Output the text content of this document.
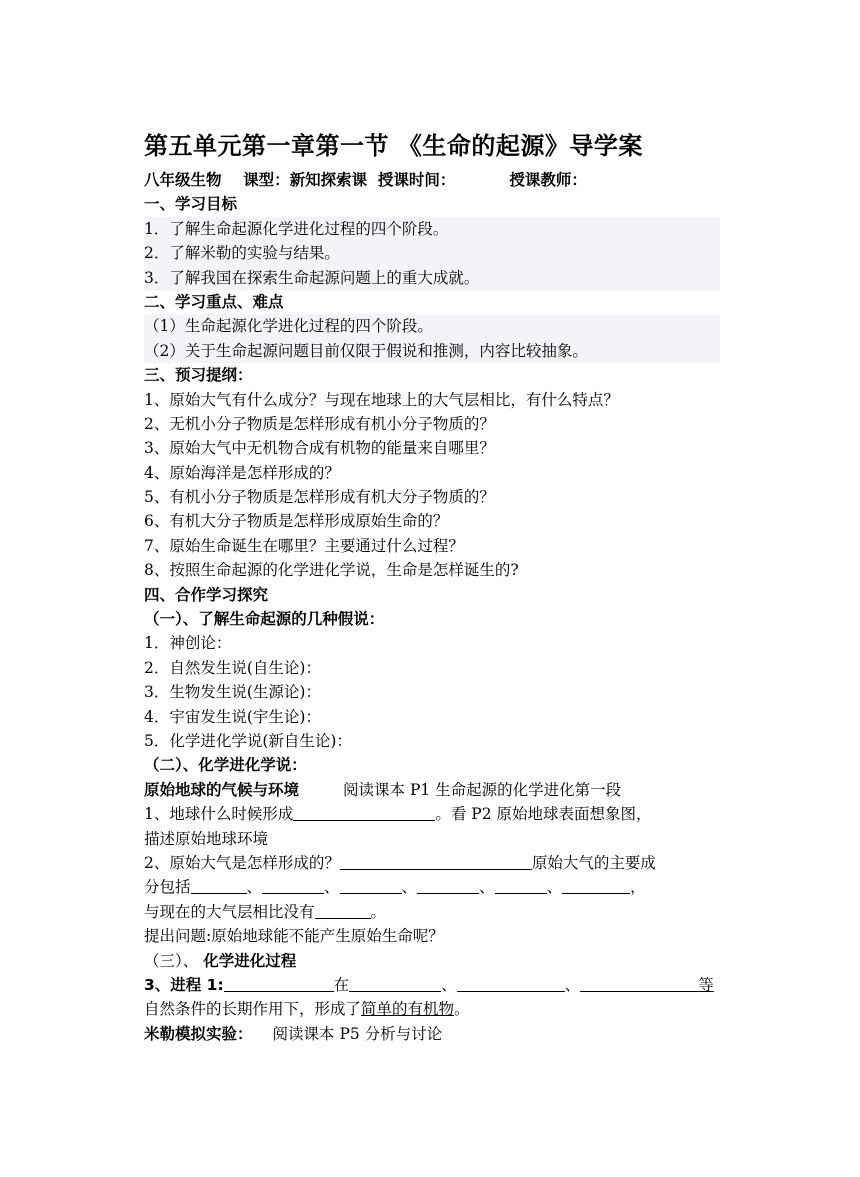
第五单元第一章第一节 《生命的起源》导学案
八年级生物    课型：新知探索课  授课时间：          授课教师：
一、学习目标
1．了解生命起源化学进化过程的四个阶段。
2．了解米勒的实验与结果。
3．了解我国在探索生命起源问题上的重大成就。
二、学习重点、难点
（1）生命起源化学进化过程的四个阶段。
（2）关于生命起源问题目前仅限于假说和推测，内容比较抽象。
三、预习提纲：
1、原始大气有什么成分？与现在地球上的大气层相比，有什么特点？
2、无机小分子物质是怎样形成有机小分子物质的？
3、原始大气中无机物合成有机物的能量来自哪里？
4、原始海洋是怎样形成的？
5、有机小分子物质是怎样形成有机大分子物质的？
6、有机大分子物质是怎样形成原始生命的？
7、原始生命诞生在哪里？主要通过什么过程？
8、按照生命起源的化学进化学说，生命是怎样诞生的?
四、合作学习探究
（一）、了解生命起源的几种假说：
1．神创论：
2．自然发生说(自生论)：
3．生物发生说(生源论)：
4．宇宙发生说(宇生论)：
5．化学进化学说(新自生论)：
（二）、化学进化学说：
原始地球的气候与环境	阅读课本 P1 生命起源的化学进化第一段
1、地球什么时候形成	。看 P2 原始地球表面想象图，
描述原始地球环境
2、原始大气是怎样形成的？	原始大气的主要成
分包括	、	、	、	、	、	，
与现在的大气层相比没有	。
提出问题:原始地球能不能产生原始生命呢？
（三）、 化学进化过程
3、进程 1:	在	、	、	等
自然条件的长期作用下，形成了简单的有机物。
米勒模拟实验： 阅读课本 P5 分析与讨论
